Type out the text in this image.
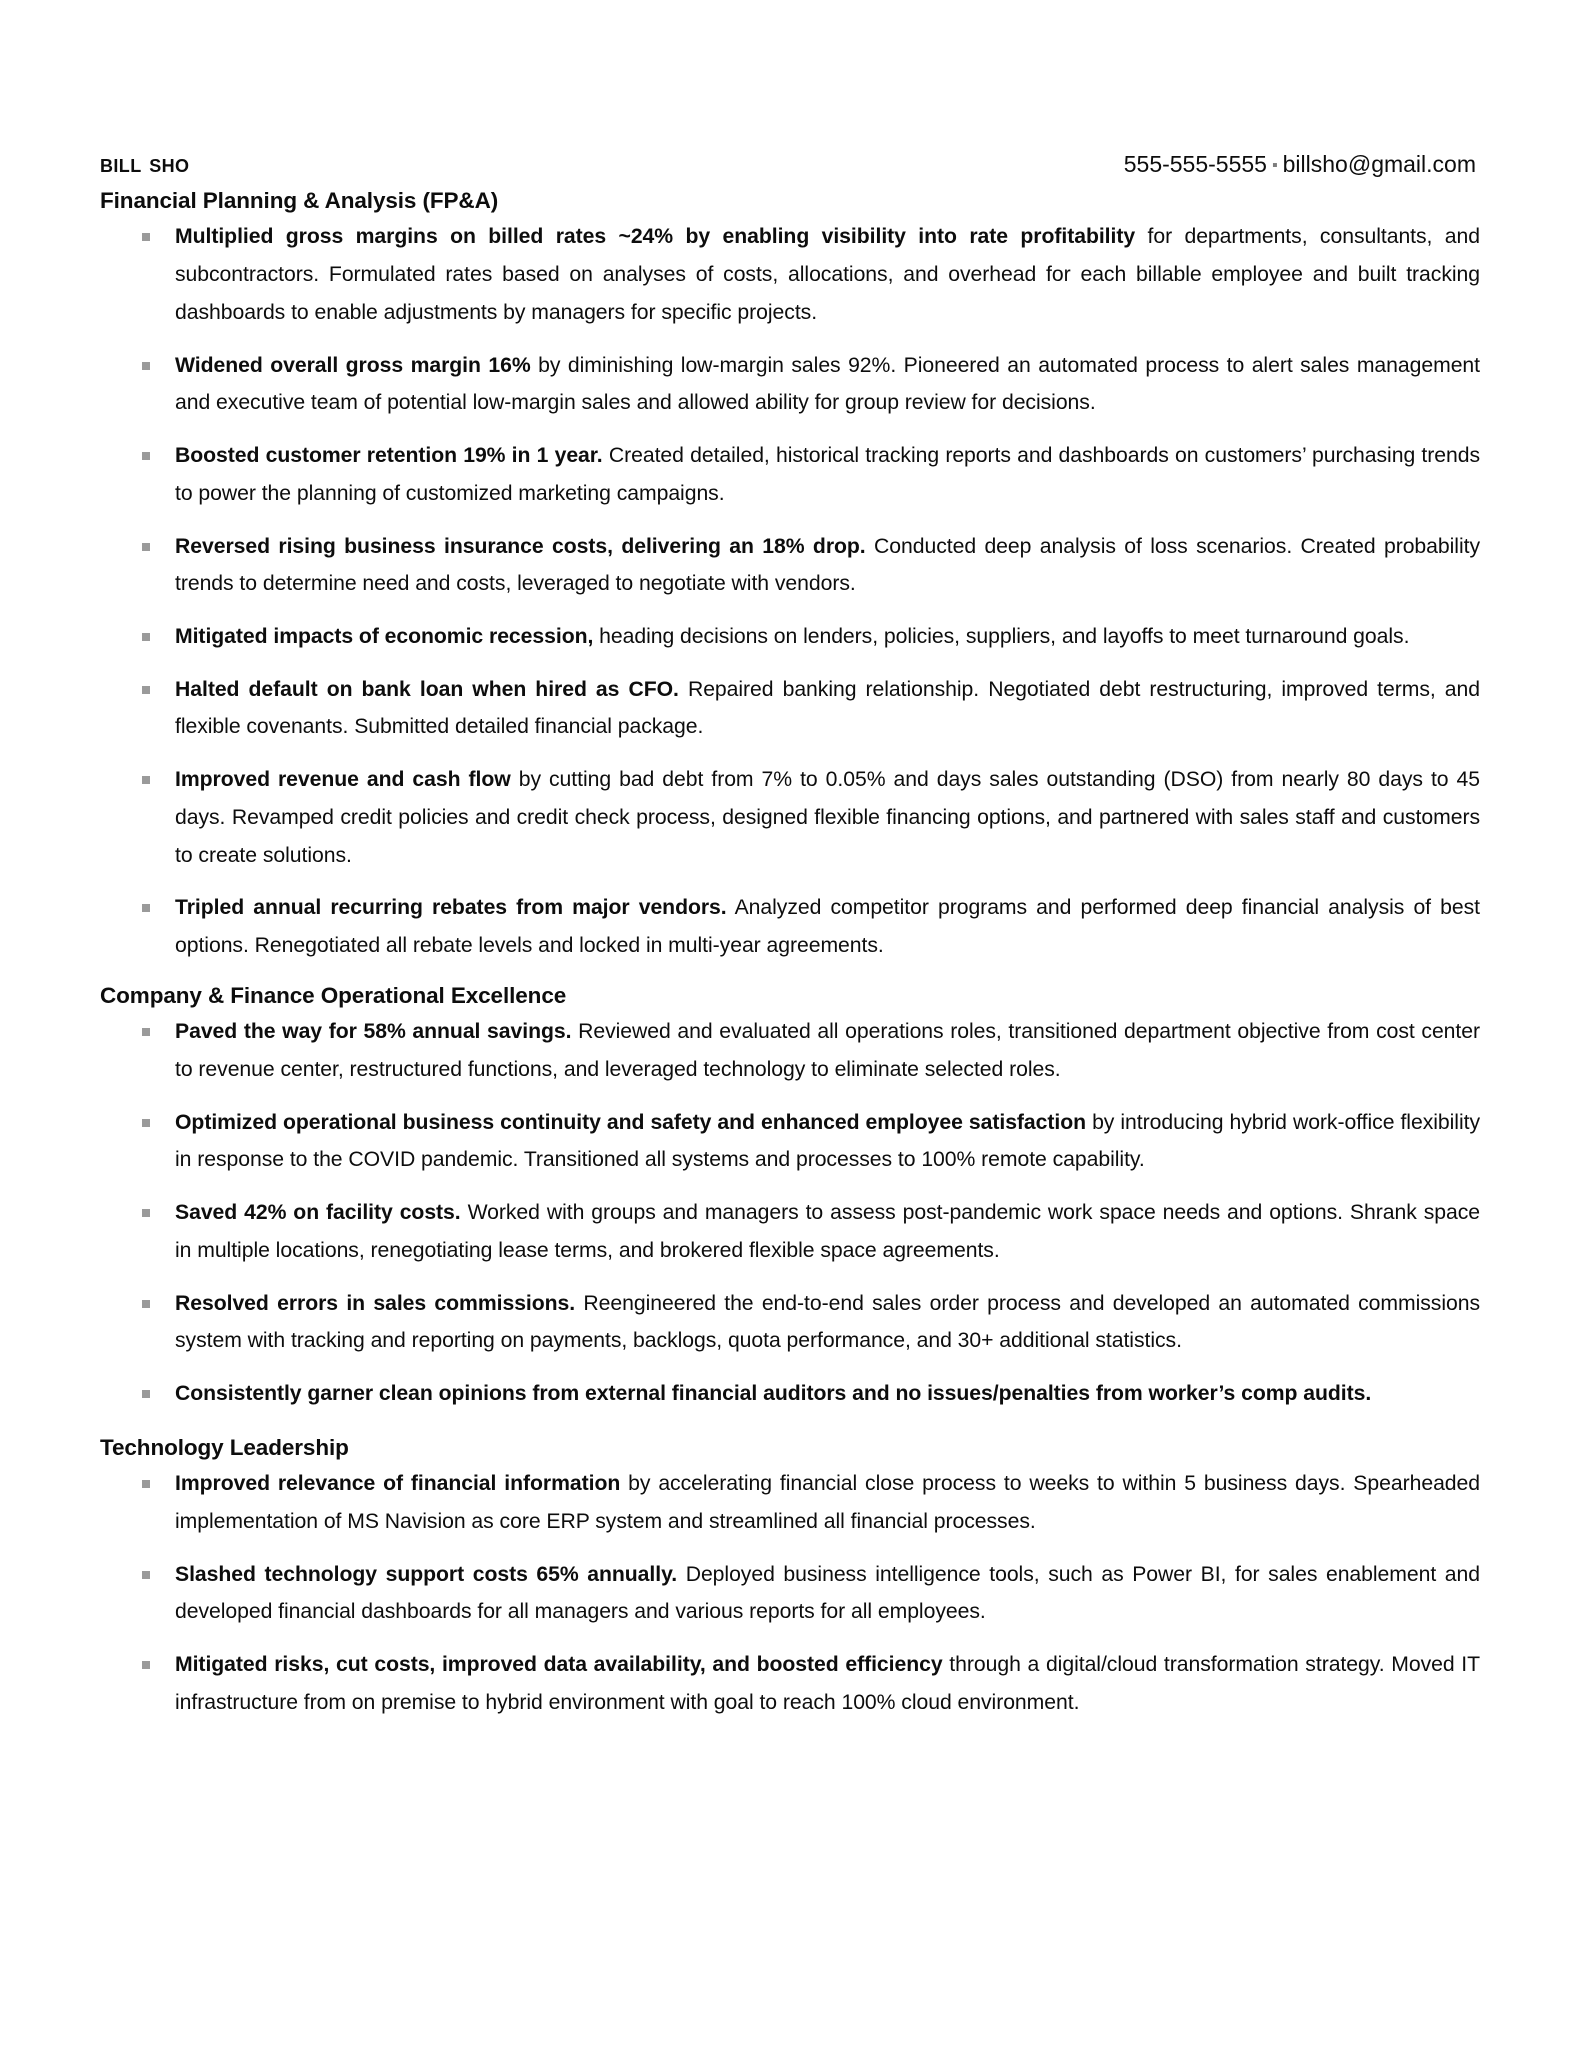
bill sho	555-555-5555 ▪ billsho@gmail.com
Financial Planning & Analysis (FP&A)
Multiplied gross margins on billed rates ~24% by enabling visibility into rate profitability for departments, consultants, and subcontractors. Formulated rates based on analyses of costs, allocations, and overhead for each billable employee and built tracking dashboards to enable adjustments by managers for specific projects.
Widened overall gross margin 16% by diminishing low-margin sales 92%. Pioneered an automated process to alert sales management and executive team of potential low-margin sales and allowed ability for group review for decisions.
Boosted customer retention 19% in 1 year. Created detailed, historical tracking reports and dashboards on customers’ purchasing trends to power the planning of customized marketing campaigns.
Reversed rising business insurance costs, delivering an 18% drop. Conducted deep analysis of loss scenarios. Created probability trends to determine need and costs, leveraged to negotiate with vendors.
Mitigated impacts of economic recession, heading decisions on lenders, policies, suppliers, and layoffs to meet turnaround goals.
Halted default on bank loan when hired as CFO. Repaired banking relationship. Negotiated debt restructuring, improved terms, and flexible covenants. Submitted detailed financial package.
Improved revenue and cash flow by cutting bad debt from 7% to 0.05% and days sales outstanding (DSO) from nearly 80 days to 45 days. Revamped credit policies and credit check process, designed flexible financing options, and partnered with sales staff and customers to create solutions.
Tripled annual recurring rebates from major vendors. Analyzed competitor programs and performed deep financial analysis of best options. Renegotiated all rebate levels and locked in multi-year agreements.
Company & Finance Operational Excellence
Paved the way for 58% annual savings. Reviewed and evaluated all operations roles, transitioned department objective from cost center to revenue center, restructured functions, and leveraged technology to eliminate selected roles.
Optimized operational business continuity and safety and enhanced employee satisfaction by introducing hybrid work-office flexibility in response to the COVID pandemic. Transitioned all systems and processes to 100% remote capability.
Saved 42% on facility costs. Worked with groups and managers to assess post-pandemic work space needs and options. Shrank space in multiple locations, renegotiating lease terms, and brokered flexible space agreements.
Resolved errors in sales commissions. Reengineered the end-to-end sales order process and developed an automated commissions system with tracking and reporting on payments, backlogs, quota performance, and 30+ additional statistics.
Consistently garner clean opinions from external financial auditors and no issues/penalties from worker’s comp audits.
Technology Leadership
Improved relevance of financial information by accelerating financial close process to weeks to within 5 business days. Spearheaded implementation of MS Navision as core ERP system and streamlined all financial processes.
Slashed technology support costs 65% annually. Deployed business intelligence tools, such as Power BI, for sales enablement and developed financial dashboards for all managers and various reports for all employees.
Mitigated risks, cut costs, improved data availability, and boosted efficiency through a digital/cloud transformation strategy. Moved IT infrastructure from on premise to hybrid environment with goal to reach 100% cloud environment.
